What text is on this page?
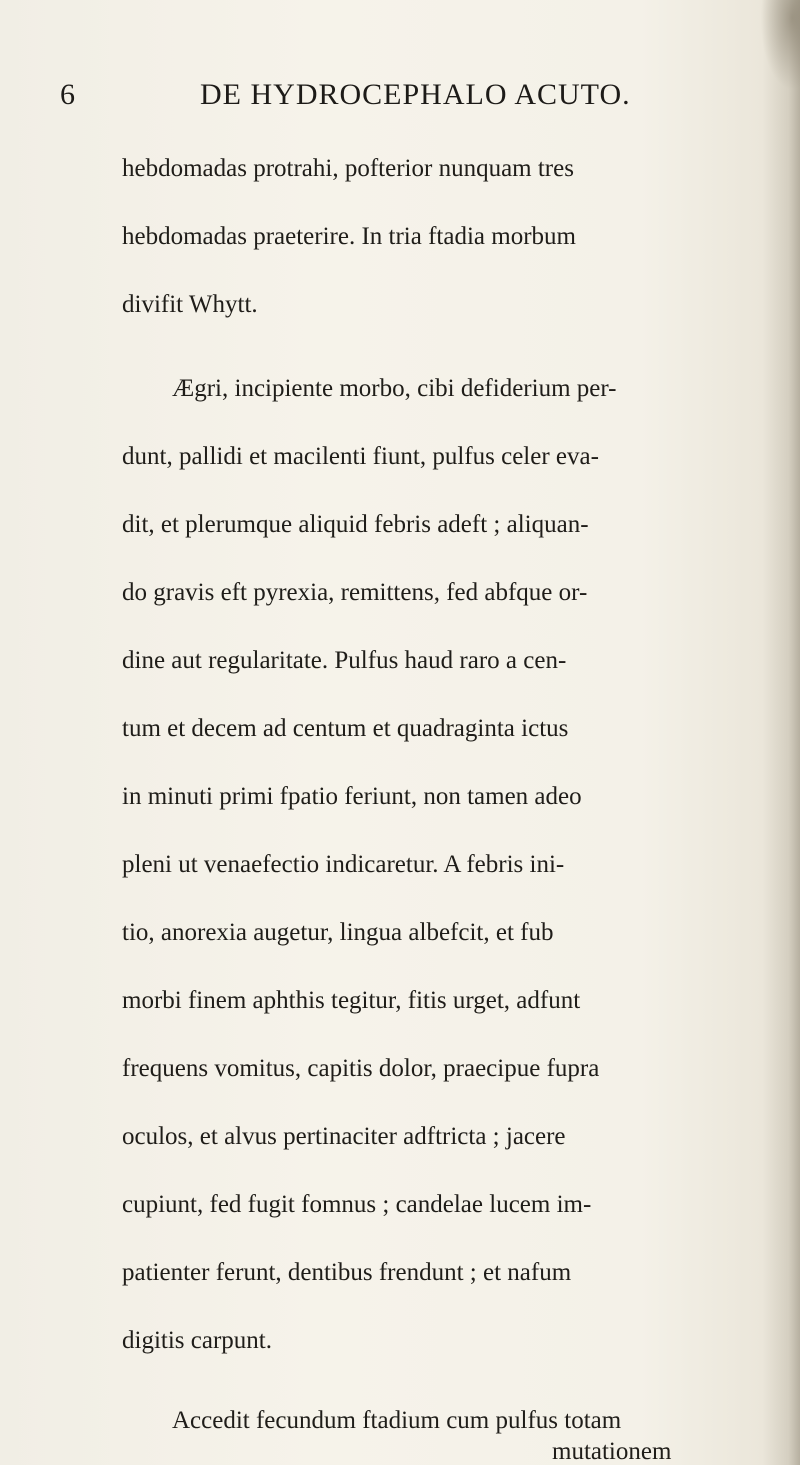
6	DE HYDROCEPHALO ACUTO.
hebdomadas protrahi, pofterior nunquam tres
hebdomadas praeterire. In tria ftadia morbum
divifit Whytt.
Ægri, incipiente morbo, cibi defiderium per-
dunt, pallidi et macilenti fiunt, pulfus celer eva-
dit, et plerumque aliquid febris adeft ; aliquan-
do gravis eft pyrexia, remittens, fed abfque or-
dine aut regularitate. Pulfus haud raro a cen-
tum et decem ad centum et quadraginta ictus
in minuti primi fpatio feriunt, non tamen adeo
pleni ut venaefectio indicaretur. A febris ini-
tio, anorexia augetur, lingua albefcit, et fub
morbi finem aphthis tegitur, fitis urget, adfunt
frequens vomitus, capitis dolor, praecipue fupra
oculos, et alvus pertinaciter adftricta ; jacere
cupiunt, fed fugit fomnus ; candelae lucem im-
patienter ferunt, dentibus frendunt ; et nafum
digitis carpunt.
Accedit fecundum ftadium cum pulfus totam
mutationem
